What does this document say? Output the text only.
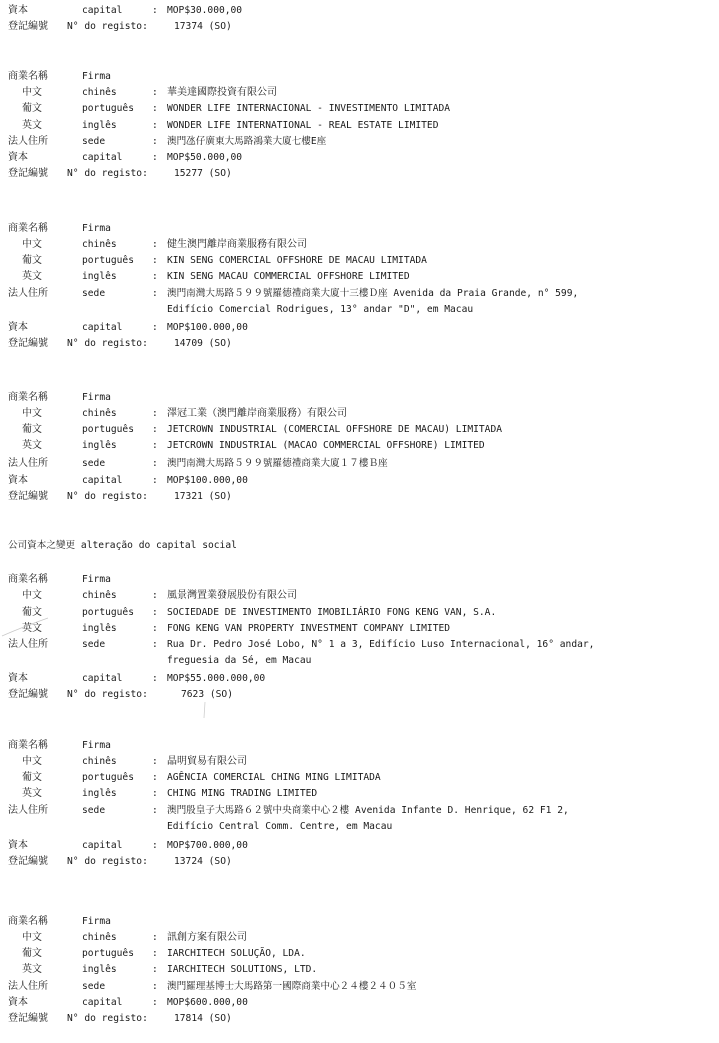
資本	capital	: MOP$30.000,00
登記編號 N° do registo:	17374 (SO)
商業名稱	Firma
中文	chinês	: 華美達國際投資有限公司
葡文	português : WONDER LIFE INTERNACIONAL - INVESTIMENTO LIMITADA
英文	inglês	: WONDER LIFE INTERNATIONAL - REAL ESTATE LIMITED
法人住所	sede	: 澳門氹仔廣東大馬路鴻業大廈七樓E座
資本	capital	: MOP$50.000,00
登記編號 N° do registo:	15277 (SO)
商業名稱	Firma
中文	chinês	: 健生澳門離岸商業服務有限公司
葡文	português : KIN SENG COMERCIAL OFFSHORE DE MACAU LIMITADA
英文	inglês	: KIN SENG MACAU COMMERCIAL OFFSHORE LIMITED
法人住所	sede	: 澳門南灣大馬路５９９號羅德禮商業大廈十三樓Ｄ座 Avenida da Praia Grande, n° 599,
Edifício Comercial Rodrigues, 13° andar "D", em Macau
資本	capital	: MOP$100.000,00
登記編號 N° do registo:	14709 (SO)
商業名稱	Firma
中文	chinês	: 澤冠工業（澳門離岸商業服務）有限公司
葡文	português : JETCROWN INDUSTRIAL (COMERCIAL OFFSHORE DE MACAU) LIMITADA
英文	inglês	: JETCROWN INDUSTRIAL (MACAO COMMERCIAL OFFSHORE) LIMITED
法人住所	sede	: 澳門南灣大馬路５９９號羅德禮商業大廈１７樓Ｂ座
資本	capital	: MOP$100.000,00
登記編號 N° do registo:	17321 (SO)
公司資本之變更 alteração do capital social
商業名稱	Firma
中文	chinês	: 風景灣置業發展股份有限公司
葡文	português : SOCIEDADE DE INVESTIMENTO IMOBILIÁRIO FONG KENG VAN, S.A.
英文	inglês	: FONG KENG VAN PROPERTY INVESTMENT COMPANY LIMITED
法人住所	sede	: Rua Dr. Pedro José Lobo, N° 1 a 3, Edifício Luso Internacional, 16° andar,
freguesia da Sé, em Macau
資本	capital	: MOP$55.000.000,00
登記編號 N° do registo:	7623 (SO)
商業名稱	Firma
中文	chinês	: 晶明貿易有限公司
葡文	português : AGÊNCIA COMERCIAL CHING MING LIMITADA
英文	inglês	: CHING MING TRADING LIMITED
法人住所	sede	: 澳門殷皇子大馬路６２號中央商業中心２樓 Avenida Infante D. Henrique, 62 F1 2,
Edifício Central Comm. Centre, em Macau
資本	capital	: MOP$700.000,00
登記編號 N° do registo:	13724 (SO)
商業名稱	Firma
中文	chinês	: 訊創方案有限公司
葡文	português : IARCHITECH SOLUÇÃO, LDA.
英文	inglês	: IARCHITECH SOLUTIONS, LTD.
法人住所	sede	: 澳門羅理基博士大馬路第一國際商業中心２４樓２４０５室
資本	capital	: MOP$600.000,00
登記編號 N° do registo:	17814 (SO)
